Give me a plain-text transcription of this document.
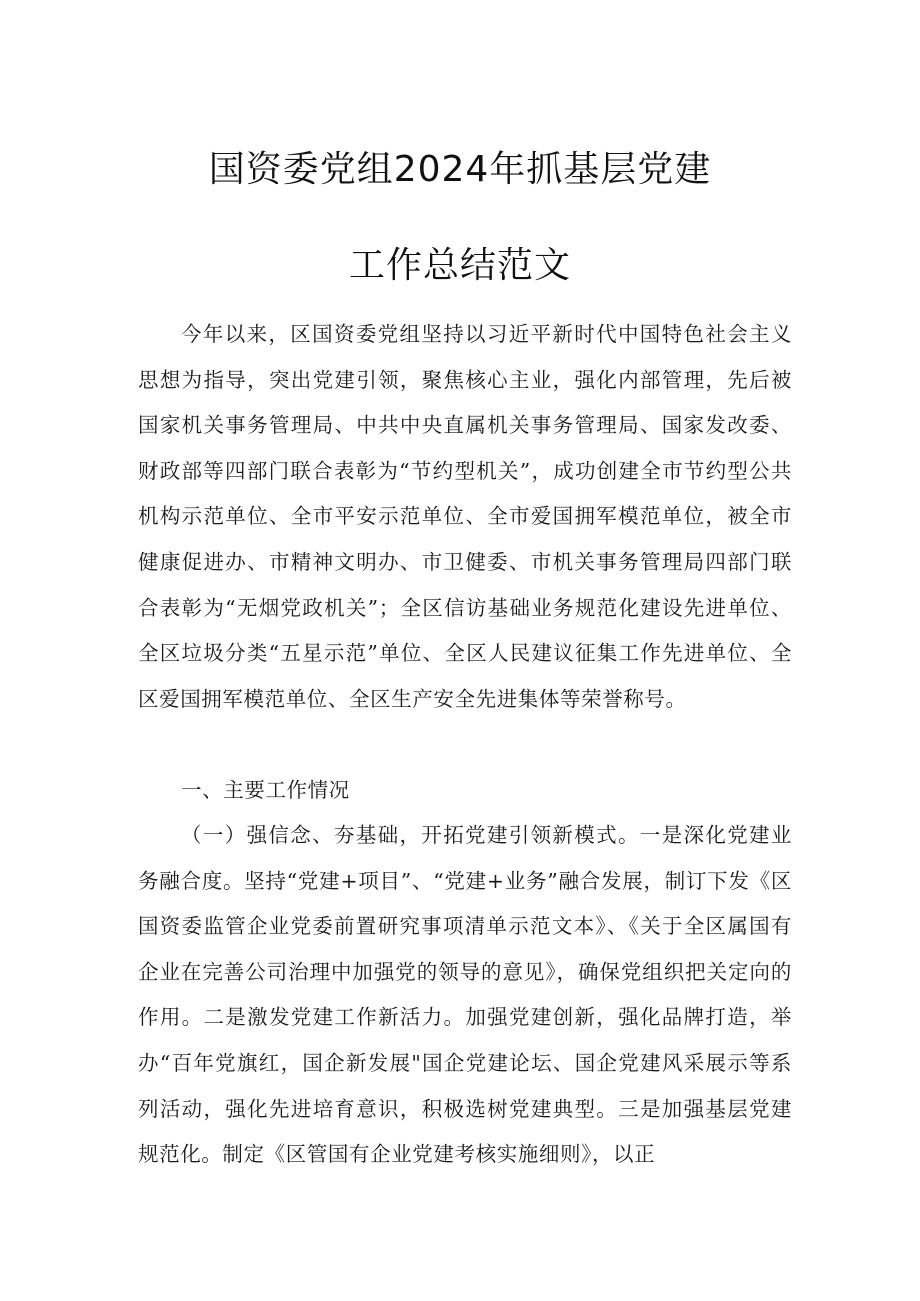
国资委党组2024年抓基层党建
工作总结范文

今年以来，区国资委党组坚持以习近平新时代中国特色社会主义思想为指导，突出党建引领，聚焦核心主业，强化内部管理，先后被国家机关事务管理局、中共中央直属机关事务管理局、国家发改委、财政部等四部门联合表彰为“节约型机关”，成功创建全市节约型公共机构示范单位、全市平安示范单位、全市爱国拥军模范单位，被全市健康促进办、市精神文明办、市卫健委、市机关事务管理局四部门联合表彰为“无烟党政机关”；全区信访基础业务规范化建设先进单位、全区垃圾分类“五星示范”单位、全区人民建议征集工作先进单位、全区爱国拥军模范单位、全区生产安全先进集体等荣誉称号。

一、主要工作情况

（一）强信念、夯基础，开拓党建引领新模式。一是深化党建业务融合度。坚持“党建+项目”、“党建+业务”融合发展，制订下发《区国资委监管企业党委前置研究事项清单示范文本》、《关于全区属国有企业在完善公司治理中加强党的领导的意见》，确保党组织把关定向的作用。二是激发党建工作新活力。加强党建创新，强化品牌打造，举办“百年党旗红，国企新发展"国企党建论坛、国企党建风采展示等系列活动，强化先进培育意识，积极选树党建典型。三是加强基层党建规范化。制定《区管国有企业党建考核实施细则》，以正
